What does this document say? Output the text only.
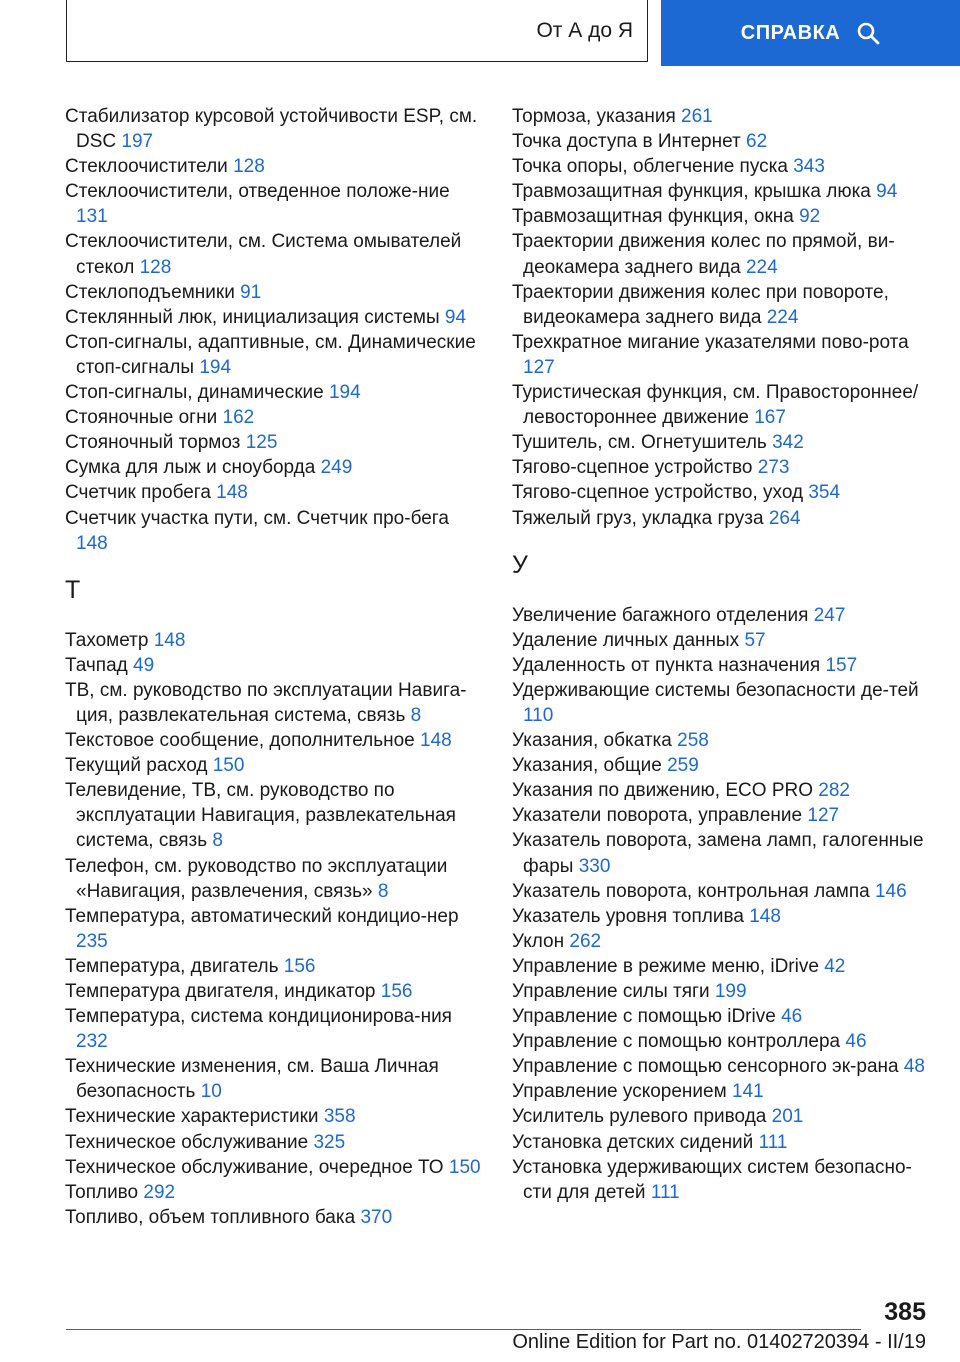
От А до Я	СПРАВКА
Стабилизатор курсовой устойчивости ESP, см. DSC 197
Стеклоочистители 128
Стеклоочистители, отведенное положе-ние 131
Стеклоочистители, см. Система омывателей стекол 128
Стеклоподъемники 91
Стеклянный люк, инициализация системы 94
Стоп-сигналы, адаптивные, см. Динамические стоп-сигналы 194
Стоп-сигналы, динамические 194
Стояночные огни 162
Стояночный тормоз 125
Сумка для лыж и сноуборда 249
Счетчик пробега 148
Счетчик участка пути, см. Счетчик про-бега 148
Т
Тахометр 148
Тачпад 49
ТВ, см. руководство по эксплуатации Навига-ция, развлекательная система, связь 8
Текстовое сообщение, дополнительное 148
Текущий расход 150
Телевидение, ТВ, см. руководство по эксплуатации Навигация, развлекательная система, связь 8
Телефон, см. руководство по эксплуатации «Навигация, развлечения, связь» 8
Температура, автоматический кондицио-нер 235
Температура, двигатель 156
Температура двигателя, индикатор 156
Температура, система кондиционирова-ния 232
Технические изменения, см. Ваша Личная безопасность 10
Технические характеристики 358
Техническое обслуживание 325
Техническое обслуживание, очередное ТО 150
Топливо 292
Топливо, объем топливного бака 370
Тормоза, указания 261
Точка доступа в Интернет 62
Точка опоры, облегчение пуска 343
Травмозащитная функция, крышка люка 94
Травмозащитная функция, окна 92
Траектории движения колес по прямой, ви-деокамера заднего вида 224
Траектории движения колес при повороте, видеокамера заднего вида 224
Трехкратное мигание указателями пово-рота 127
Туристическая функция, см. Правостороннее/ левостороннее движение 167
Тушитель, см. Огнетушитель 342
Тягово-сцепное устройство 273
Тягово-сцепное устройство, уход 354
Тяжелый груз, укладка груза 264
У
Увеличение багажного отделения 247
Удаление личных данных 57
Удаленность от пункта назначения 157
Удерживающие системы безопасности де-тей 110
Указания, обкатка 258
Указания, общие 259
Указания по движению, ECO PRO 282
Указатели поворота, управление 127
Указатель поворота, замена ламп, галогенные фары 330
Указатель поворота, контрольная лампа 146
Указатель уровня топлива 148
Уклон 262
Управление в режиме меню, iDrive 42
Управление силы тяги 199
Управление с помощью iDrive 46
Управление с помощью контроллера 46
Управление с помощью сенсорного эк-рана 48
Управление ускорением 141
Усилитель рулевого привода 201
Установка детских сидений 111
Установка удерживающих систем безопасно-сти для детей 111
385
Online Edition for Part no. 01402720394 - II/19
